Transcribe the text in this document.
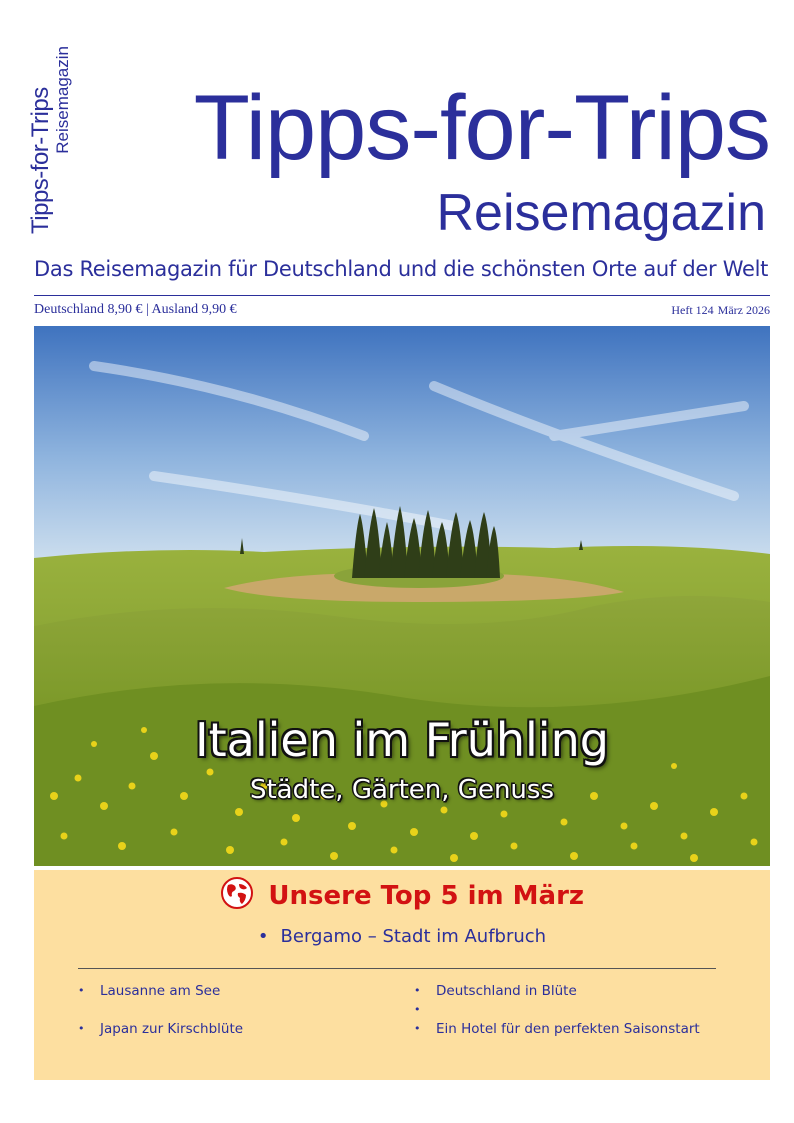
Tipps-for-Trips Reisemagazin Tipps-for-Trips
Reisemagazin
Das Reisemagazin für Deutschland und die schönsten Orte auf der Welt
Deutschland 8,90 € | Ausland 9,90 €	Heft 124 März 2026
Italien im Frühling
Städte, Gärten, Genuss
Unsere Top 5 im März
• Bergamo – Stadt im Aufbruch
• Lausanne am See
• Japan zur Kirschblüte
• Deutschland in Blüte
•
• Ein Hotel für den perfekten Saisonstart
